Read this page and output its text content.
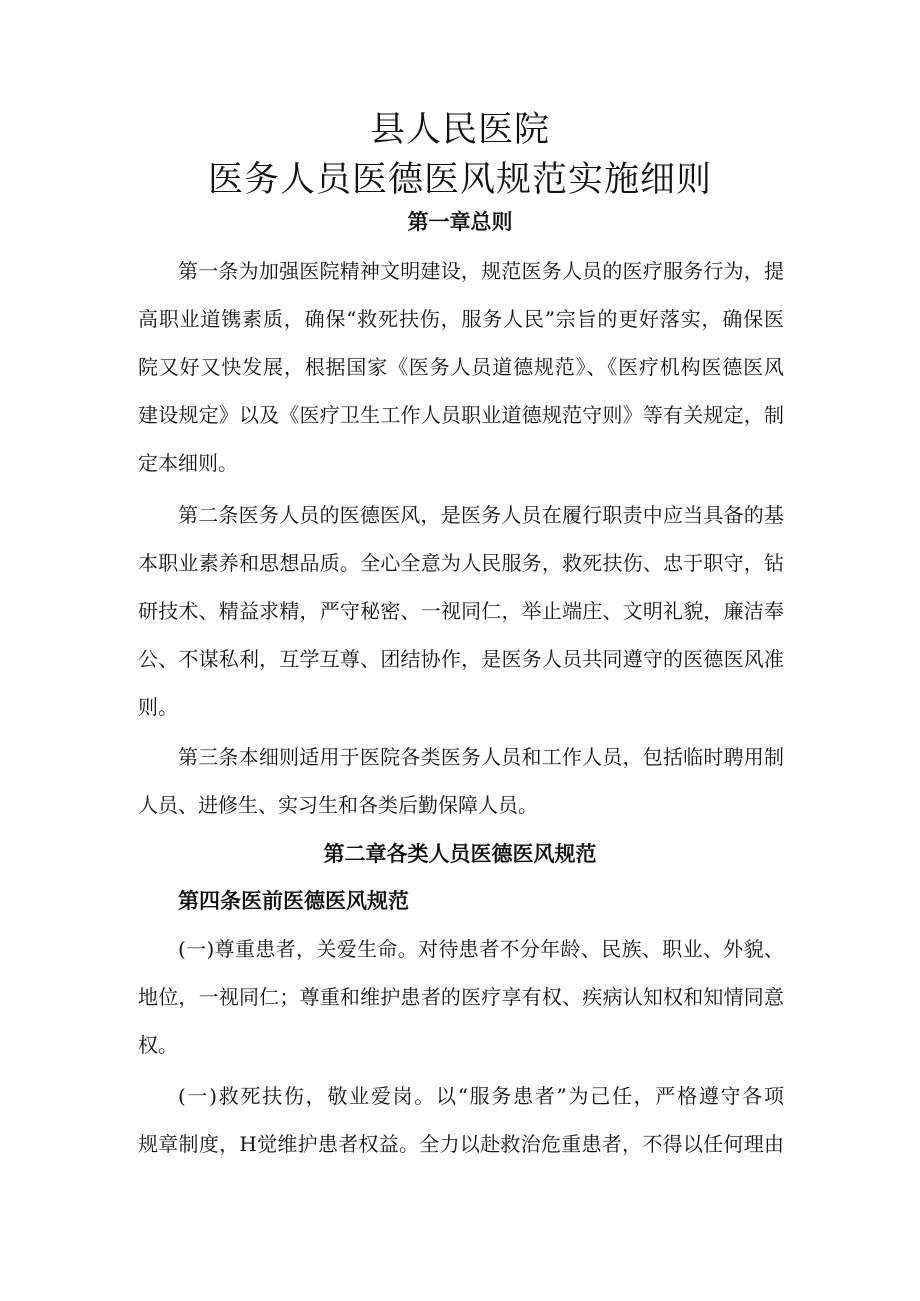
县人民医院
医务人员医德医风规范实施细则
第一章总则
第一条为加强医院精神文明建设，规范医务人员的医疗服务行为，提
高职业道镌素质，确保“救死扶伤，服务人民”宗旨的更好落实，确保医
院又好又快发展，根据国家《医务人员道德规范》、《医疗机构医德医风
建设规定》以及《医疗卫生工作人员职业道德规范守则》等有关规定，制
定本细则。
第二条医务人员的医德医风，是医务人员在履行职责中应当具备的基
本职业素养和思想品质。全心全意为人民服务，救死扶伤、忠于职守，钻
研技术、精益求精，严守秘密、一视同仁，举止端庄、文明礼貌，廉洁奉
公、不谋私利，互学互尊、团结协作，是医务人员共同遵守的医德医风准
则。
第三条本细则适用于医院各类医务人员和工作人员，包括临时聘用制
人员、进修生、实习生和各类后勤保障人员。
第二章各类人员医德医风规范
第四条医前医德医风规范
(一)尊重患者，关爱生命。对待患者不分年龄、民族、职业、外貌、
地位，一视同仁；尊重和维护患者的医疗享有权、疾病认知权和知情同意
权。
(一)救死扶伤，敬业爱岗。以“服务患者”为己任，严格遵守各项
规章制度，H觉维护患者权益。全力以赴救治危重患者，不得以任何理由
